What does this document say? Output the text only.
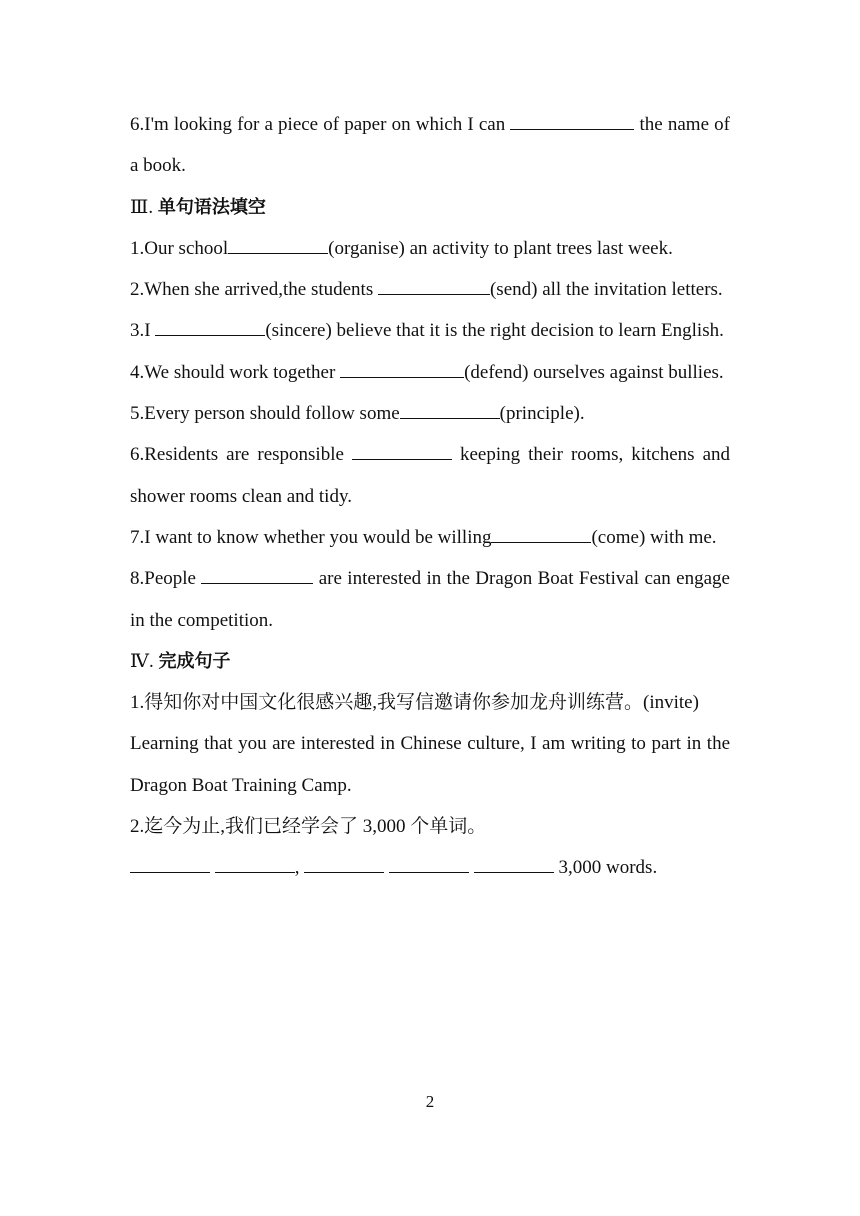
6.I'm looking for a piece of paper on which I can	the name of a book.

Ⅲ. 单句语法填空

1.Our school	(organise) an activity to plant trees last week.

2.When she arrived,the students	(send) all the invitation letters.

3.I	(sincere) believe that it is the right decision to learn English.

4.We should work together	(defend) ourselves against bullies.

5.Every person should follow some	(principle).

6.Residents are responsible	keeping their rooms, kitchens and shower rooms clean and tidy.

7.I want to know whether you would be willing	(come) with me.

8.People	are interested in the Dragon Boat Festival can engage in the competition.

Ⅳ. 完成句子

1.得知你对中国文化很感兴趣,我写信邀请你参加龙舟训练营。(invite)

Learning that you are interested in Chinese culture, I am writing to part in the Dragon Boat Training Camp.

2.迄今为止,我们已经学会了 3,000 个单词。

,	3,000 words.

2
